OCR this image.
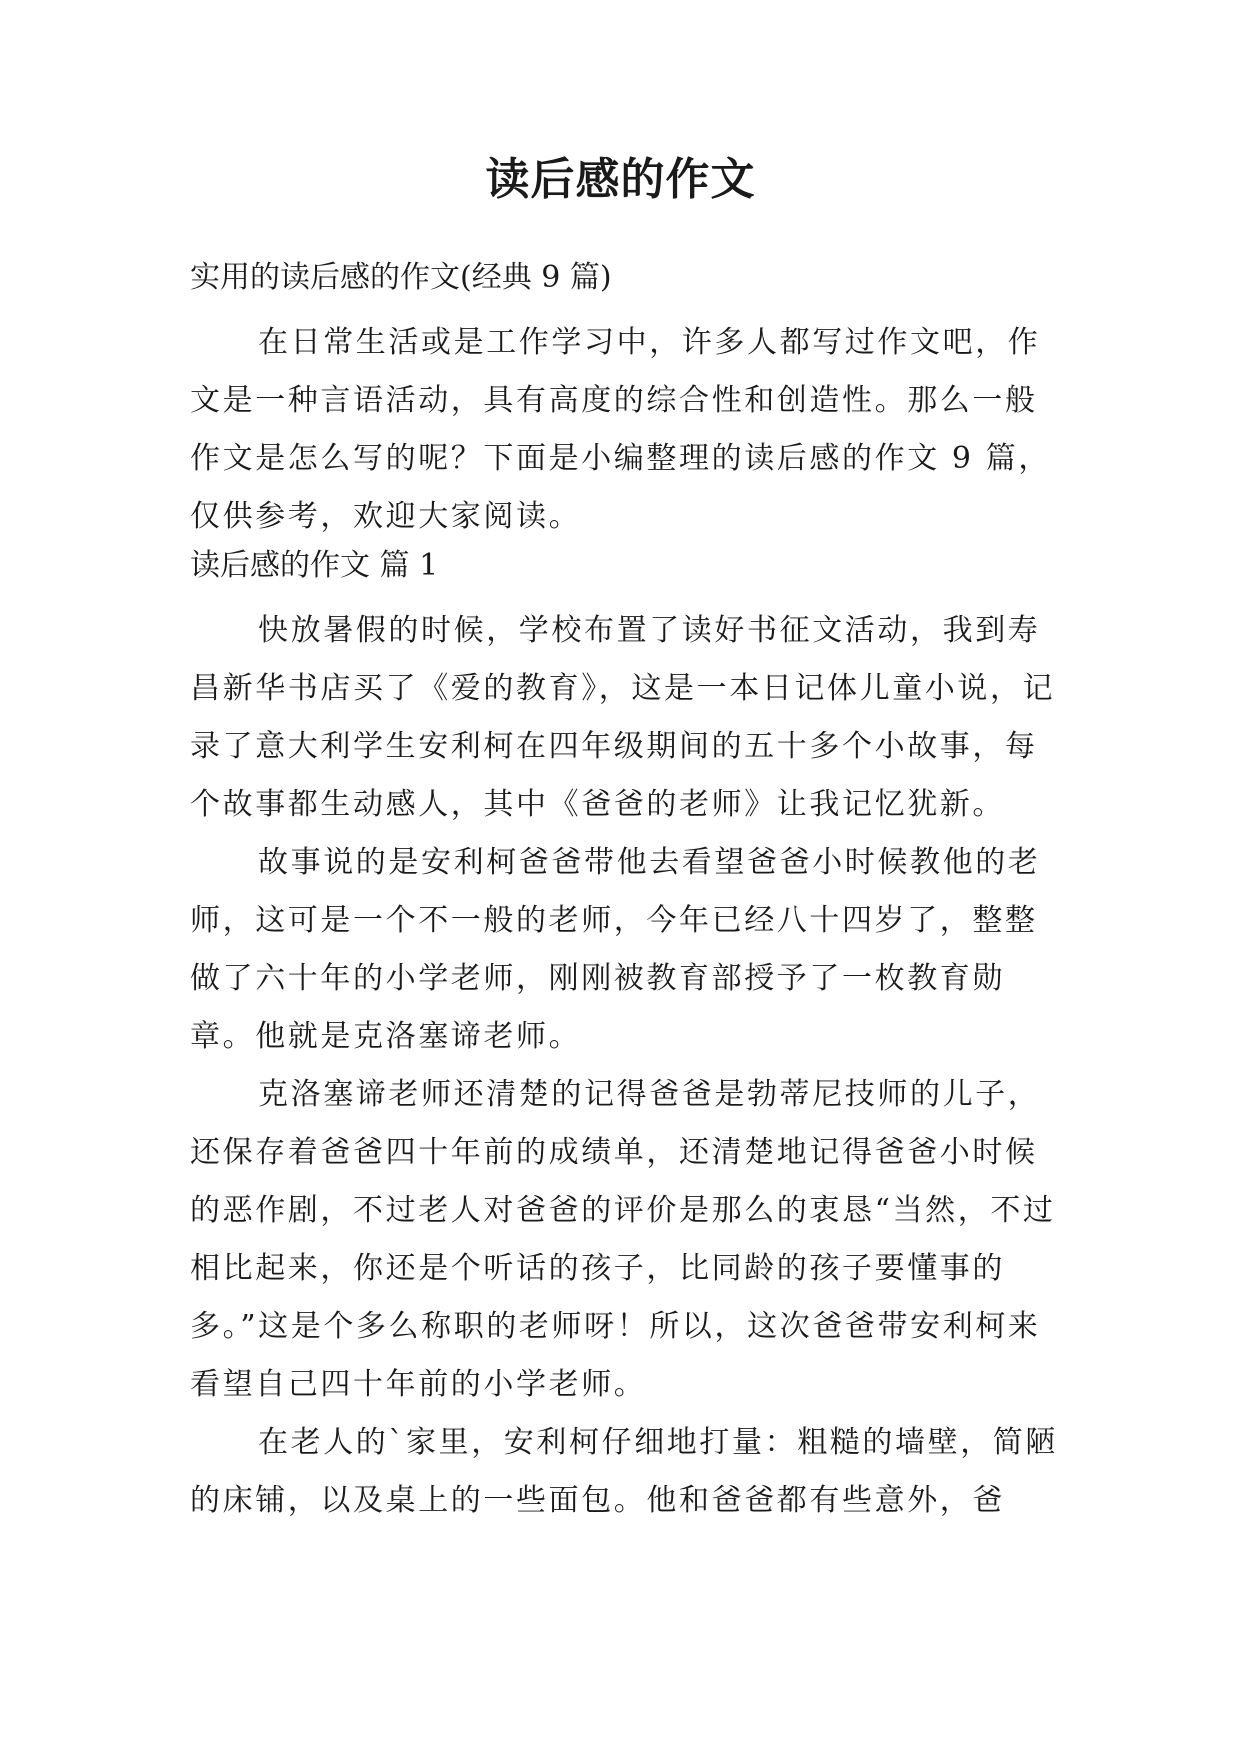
读后感的作文

实用的读后感的作文(经典 9 篇)

在日常生活或是工作学习中，许多人都写过作文吧，作文是一种言语活动，具有高度的综合性和创造性。那么一般作文是怎么写的呢？下面是小编整理的读后感的作文 9 篇，仅供参考，欢迎大家阅读。

读后感的作文 篇 1

快放暑假的时候，学校布置了读好书征文活动，我到寿昌新华书店买了《爱的教育》，这是一本日记体儿童小说，记录了意大利学生安利柯在四年级期间的五十多个小故事，每个故事都生动感人，其中《爸爸的老师》让我记忆犹新。

故事说的是安利柯爸爸带他去看望爸爸小时候教他的老师，这可是一个不一般的老师，今年已经八十四岁了，整整做了六十年的小学老师，刚刚被教育部授予了一枚教育勋章。他就是克洛塞谛老师。

克洛塞谛老师还清楚的记得爸爸是勃蒂尼技师的儿子，还保存着爸爸四十年前的成绩单，还清楚地记得爸爸小时候的恶作剧，不过老人对爸爸的评价是那么的衷恳“当然，不过相比起来，你还是个听话的孩子，比同龄的孩子要懂事的多。”这是个多么称职的老师呀！所以，这次爸爸带安利柯来看望自己四十年前的小学老师。

在老人的`家里，安利柯仔细地打量：粗糙的墙壁，简陋的床铺，以及桌上的一些面包。他和爸爸都有些意外，爸
